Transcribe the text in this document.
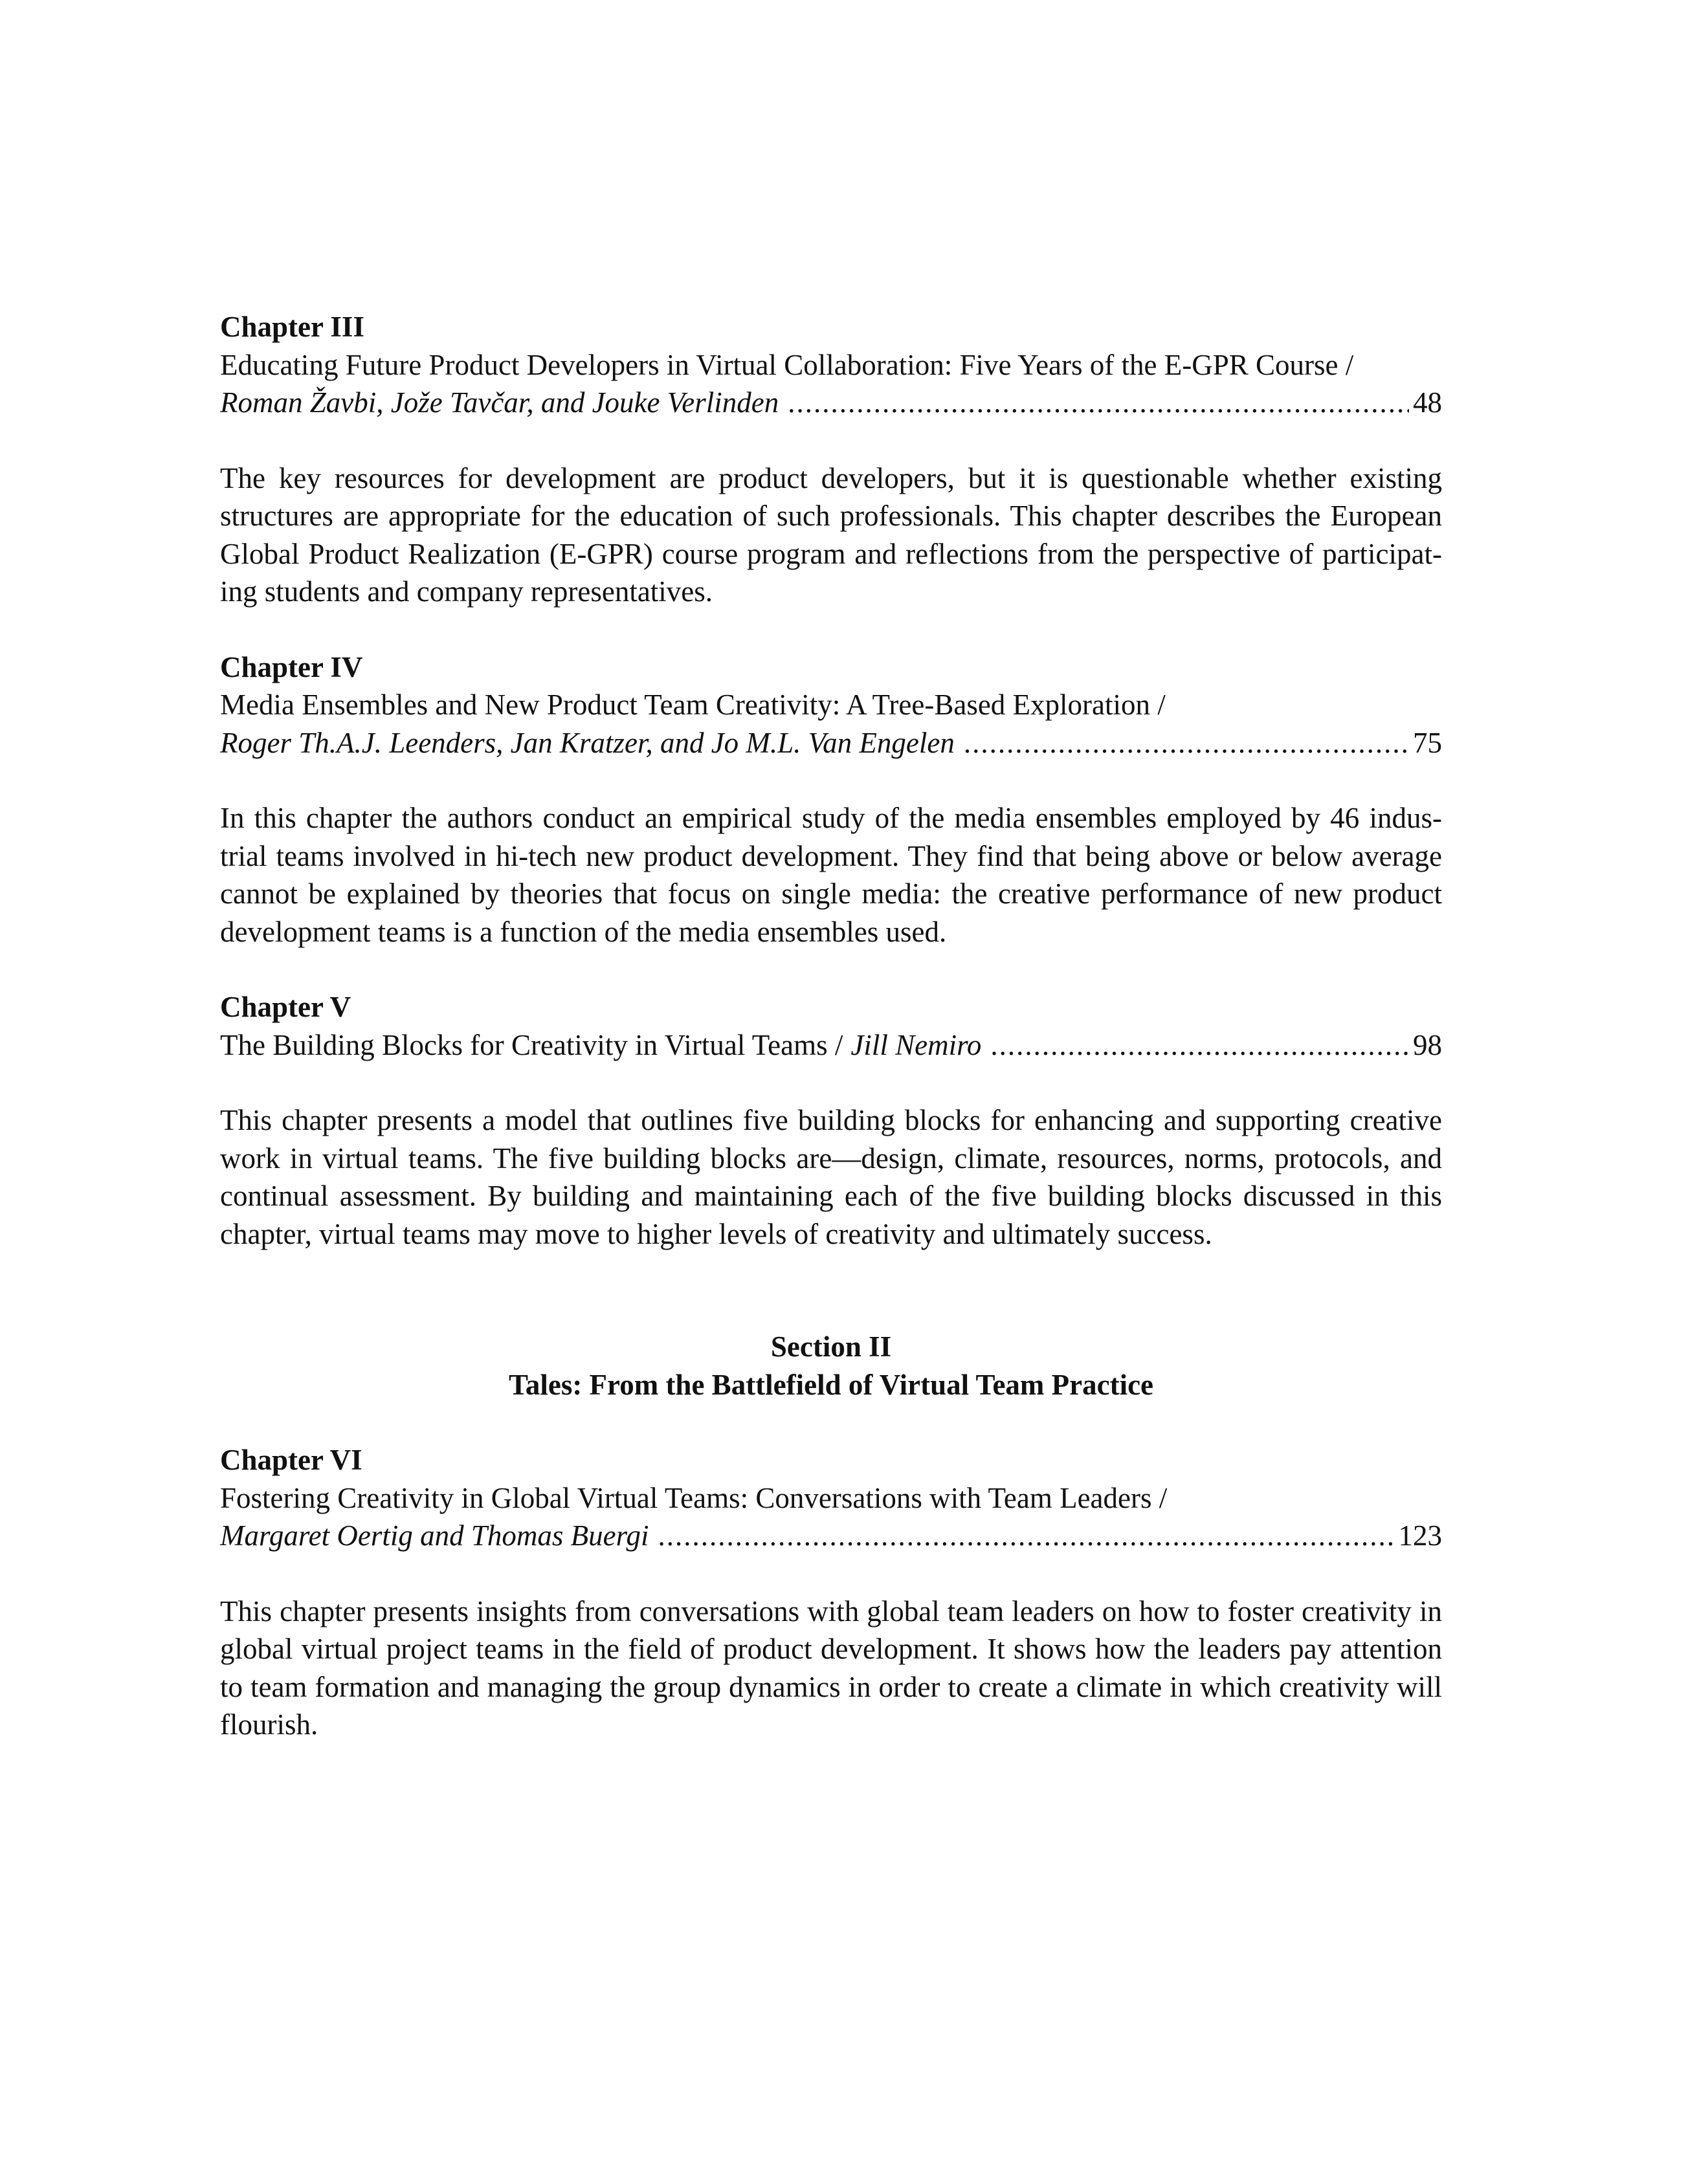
Chapter III
Educating Future Product Developers in Virtual Collaboration: Five Years of the E-GPR Course /
Roman Žavbi, Jože Tavčar, and Jouke Verlinden .....	48

The key resources for development are product developers, but it is questionable whether existing structures are appropriate for the education of such professionals. This chapter describes the European Global Product Realization (E-GPR) course program and reflections from the perspective of participat-ing students and company representatives.

Chapter IV
Media Ensembles and New Product Team Creativity: A Tree-Based Exploration /
Roger Th.A.J. Leenders, Jan Kratzer, and Jo M.L. Van Engelen .....	75

In this chapter the authors conduct an empirical study of the media ensembles employed by 46 indus-trial teams involved in hi-tech new product development. They find that being above or below average cannot be explained by theories that focus on single media: the creative performance of new product development teams is a function of the media ensembles used.

Chapter V
The Building Blocks for Creativity in Virtual Teams / Jill Nemiro .....	98

This chapter presents a model that outlines five building blocks for enhancing and supporting creative work in virtual teams. The five building blocks are—design, climate, resources, norms, protocols, and continual assessment. By building and maintaining each of the five building blocks discussed in this chapter, virtual teams may move to higher levels of creativity and ultimately success.

Section II
Tales: From the Battlefield of Virtual Team Practice
Chapter VI
Fostering Creativity in Global Virtual Teams: Conversations with Team Leaders /
Margaret Oertig and Thomas Buergi .....	123

This chapter presents insights from conversations with global team leaders on how to foster creativity in global virtual project teams in the field of product development. It shows how the leaders pay attention to team formation and managing the group dynamics in order to create a climate in which creativity will flourish.
